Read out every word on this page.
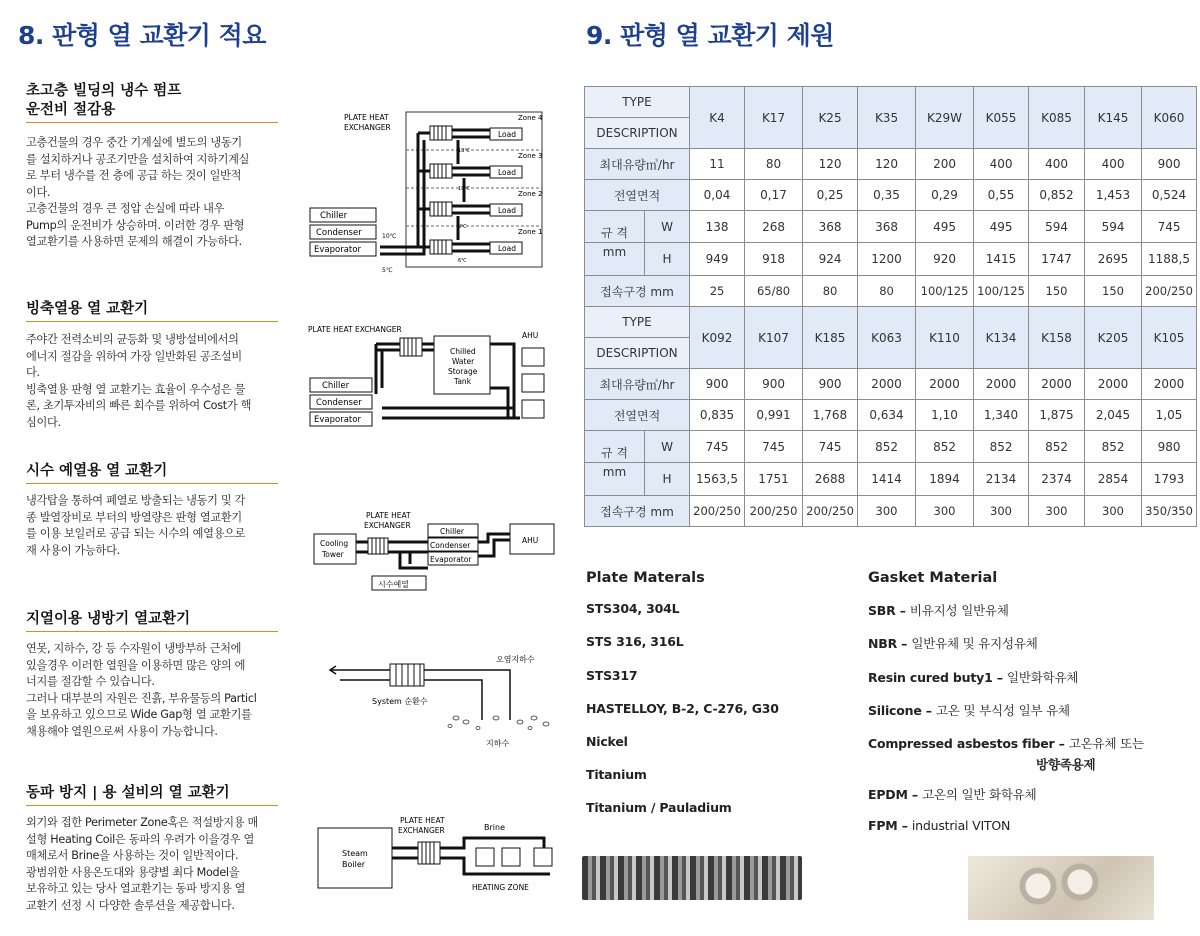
8. 판형 열 교환기 적요
초고층 빌딩의 냉수 펌프
운전비 절감용

고층건물의 경우 중간 기계실에 별도의 냉동기

를 설치하거나 공조기만을 설치하여 지하기계실

로 부터 냉수를 전 층에 공급 하는 것이 일반적

이다.

고층건물의 경우 큰 정압 손실에 따라 내우

Pump의 운전비가 상승하며. 이러한 경우 판형

열교환기를 사용하면 문제의 해결이 가능하다.

PLATE HEAT
EXCHANGER
Zone 4
Zone 3
Zone 2
Zone 1
Load
Load
Load
Load
13℃
11℃
9℃
6℃
Chiller
Condenser
Evaporator
10℃
5℃
빙축열용 열 교환기

주야간 전력소비의 균등화 및 냉방설비에서의

에너지 절감을 위하여 가장 일반화된 공조설비

다.

빙축열용 판형 열 교환기는 효율이 우수성은 물

론, 초기투자비의 빠른 회수를 위하여 Cost가 핵

심이다.

PLATE HEAT EXCHANGER
AHU
Chilled
Water
Storage
Tank
Chiller
Condenser
Evaporator
시수 예열용 열 교환기

냉각탑을 통하여 폐열로 방출되는 냉동기 및 각

종 발열장비로 부터의 방열량은 판형 열교환기

를 이용 보일러로 공급 되는 시수의 예열용으로

재 사용이 가능하다.

PLATE HEAT
EXCHANGER
Cooling
Tower
Chiller
Condenser
Evaporator
AHU
시수예열
지열이용 냉방기 열교환기

연못, 지하수, 강 등 수자원이 냉방부하 근처에

있을경우 이러한 열원을 이용하면 많은 양의 에

너지를 절감할 수 있습니다.

그러나 대부분의 자원은 진흙, 부유물등의 Particl

을 보유하고 있으므로 Wide Gap형 열 교환기를

채용해야 열원으로써 사용이 가능합니다.

오염지하수
System 순환수
지하수
동파 방지 | 용 설비의 열 교환기

외기와 접한 Perimeter Zone혹은 적설방지용 매

설형 Heating Coil은 동파의 우려가 이을경우 열

매체로서 Brine을 사용하는 것이 일반적이다.

광범위한 사용온도대와 용량별 최다 Model을

보유하고 있는 당사 열교환기는 동파 방지용 열

교환기 선정 시 다양한 솔루션을 제공합니다.

PLATE HEAT
EXCHANGER	Brine
Steam
Boiler
HEATING ZONE
9. 판형 열 교환기 제원
TYPE		K4	K17	K25	K35	K29W	K055	K085	K145	K060
DESCRIPTION										
최대유량㎥/hr		11	80	120	120	200	400	400	400	900
전열면적		0,04	0,17	0,25	0,35	0,29	0,55	0,852	1,453	0,524
규 격	W	138	268	368	368	495	495	594	594	745
mm	H	949	918	924	1200	920	1415	1747	2695	1188,5
접속구경 mm		25	65/80	80	80	100/125	100/125	150	150	200/250
TYPE		K092	K107	K185	K063	K110	K134	K158	K205	K105
DESCRIPTION										
최대유량㎥/hr		900	900	900	2000	2000	2000	2000	2000	2000
전열면적		0,835	0,991	1,768	0,634	1,10	1,340	1,875	2,045	1,05
규 격	W	745	745	745	852	852	852	852	852	980
mm	H	1563,5	1751	2688	1414	1894	2134	2374	2854	1793
접속구경 mm		200/250	200/250	200/250	300	300	300	300	300	350/350
Plate Materals
STS304, 304L
STS 316, 316L
STS317
HASTELLOY, B-2, C-276, G30
Nickel
Titanium
Titanium / Pauladium
Gasket Material
SBR – 비유지성 일반유체
NBR – 일반유체 및 유지성유체
Resin cured buty1 – 일반화학유체
Silicone – 고온 및 부식성 일부 유체
Compressed asbestos fiber – 고온유체 또는
방향족용제
EPDM – 고온의 일반 화학유체
FPM – industrial VITON
